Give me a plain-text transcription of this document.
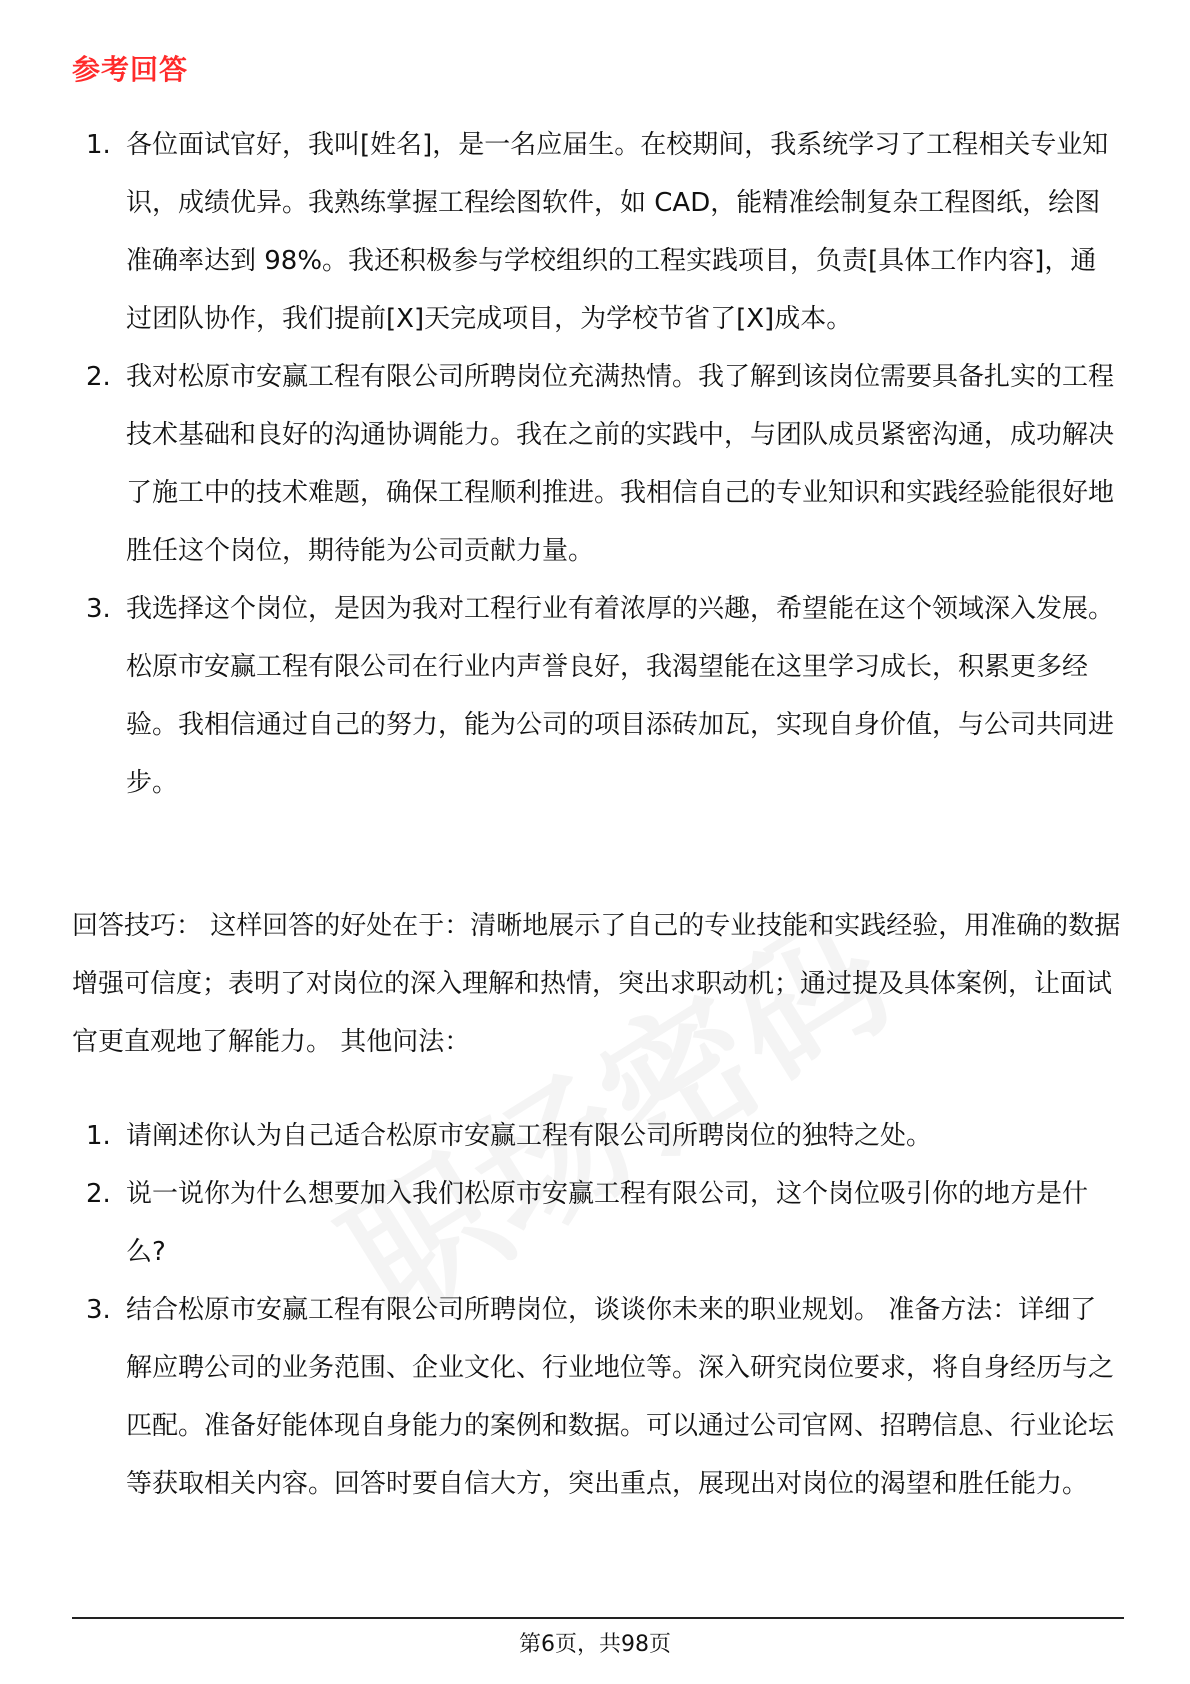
参考回答
1. 各位面试官好，我叫[姓名]，是一名应届生。在校期间，我系统学习了工程相关专业知识，成绩优异。我熟练掌握工程绘图软件，如 CAD，能精准绘制复杂工程图纸，绘图准确率达到 98%。我还积极参与学校组织的工程实践项目，负责[具体工作内容]，通过团队协作，我们提前[X]天完成项目，为学校节省了[X]成本。
2. 我对松原市安赢工程有限公司所聘岗位充满热情。我了解到该岗位需要具备扎实的工程技术基础和良好的沟通协调能力。我在之前的实践中，与团队成员紧密沟通，成功解决了施工中的技术难题，确保工程顺利推进。我相信自己的专业知识和实践经验能很好地胜任这个岗位，期待能为公司贡献力量。
3. 我选择这个岗位，是因为我对工程行业有着浓厚的兴趣，希望能在这个领域深入发展。松原市安赢工程有限公司在行业内声誉良好，我渴望能在这里学习成长，积累更多经验。我相信通过自己的努力，能为公司的项目添砖加瓦，实现自身价值，与公司共同进步。

回答技巧： 这样回答的好处在于：清晰地展示了自己的专业技能和实践经验，用准确的数据增强可信度；表明了对岗位的深入理解和热情，突出求职动机；通过提及具体案例，让面试官更直观地了解能力。 其他问法：

1. 请阐述你认为自己适合松原市安赢工程有限公司所聘岗位的独特之处。
2. 说一说你为什么想要加入我们松原市安赢工程有限公司，这个岗位吸引你的地方是什么?
3. 结合松原市安赢工程有限公司所聘岗位，谈谈你未来的职业规划。 准备方法：详细了解应聘公司的业务范围、企业文化、行业地位等。深入研究岗位要求，将自身经历与之匹配。准备好能体现自身能力的案例和数据。可以通过公司官网、招聘信息、行业论坛等获取相关内容。回答时要自信大方，突出重点，展现出对岗位的渴望和胜任能力。
第6页，共98页
